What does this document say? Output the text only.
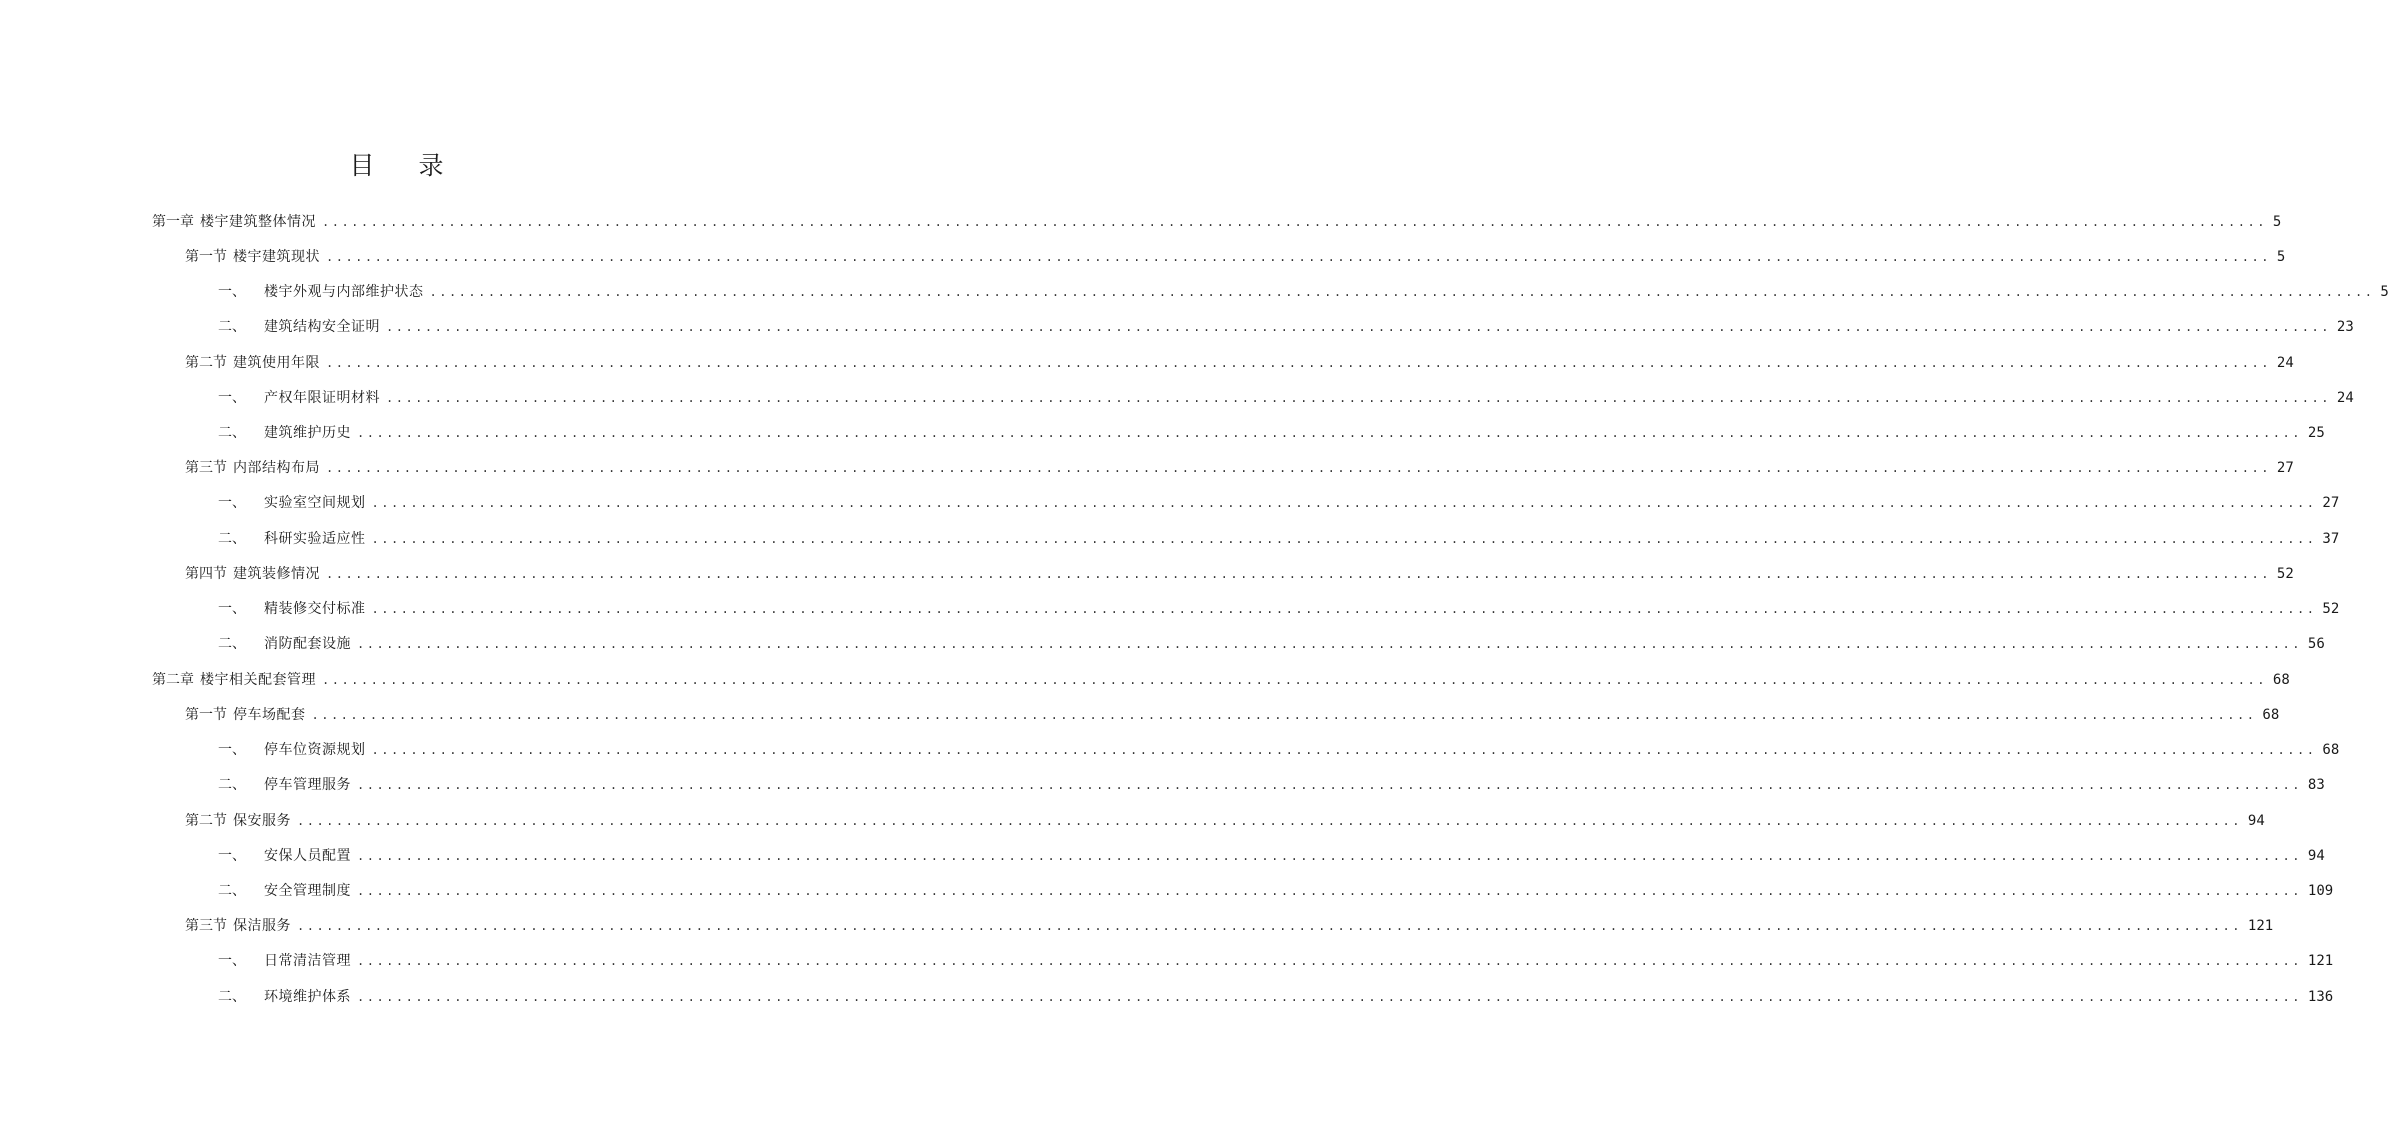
目 录
第一章 楼宇建筑整体情况 ........................................................................................................................................................................................................ 5
第一节 楼宇建筑现状 ........................................................................................................................................................................................................ 5
一、 楼宇外观与内部维护状态 ........................................................................................................................................................................................................ 5
二、 建筑结构安全证明 ........................................................................................................................................................................................................ 23
第二节 建筑使用年限 ........................................................................................................................................................................................................ 24
一、 产权年限证明材料 ........................................................................................................................................................................................................ 24
二、 建筑维护历史 ........................................................................................................................................................................................................ 25
第三节 内部结构布局 ........................................................................................................................................................................................................ 27
一、 实验室空间规划 ........................................................................................................................................................................................................ 27
二、 科研实验适应性 ........................................................................................................................................................................................................ 37
第四节 建筑装修情况 ........................................................................................................................................................................................................ 52
一、 精装修交付标准 ........................................................................................................................................................................................................ 52
二、 消防配套设施 ........................................................................................................................................................................................................ 56
第二章 楼宇相关配套管理 ........................................................................................................................................................................................................ 68
第一节 停车场配套 ........................................................................................................................................................................................................ 68
一、 停车位资源规划 ........................................................................................................................................................................................................ 68
二、 停车管理服务 ........................................................................................................................................................................................................ 83
第二节 保安服务 ........................................................................................................................................................................................................ 94
一、 安保人员配置 ........................................................................................................................................................................................................ 94
二、 安全管理制度 ........................................................................................................................................................................................................ 109
第三节 保洁服务 ........................................................................................................................................................................................................ 121
一、 日常清洁管理 ........................................................................................................................................................................................................ 121
二、 环境维护体系 ........................................................................................................................................................................................................ 136
